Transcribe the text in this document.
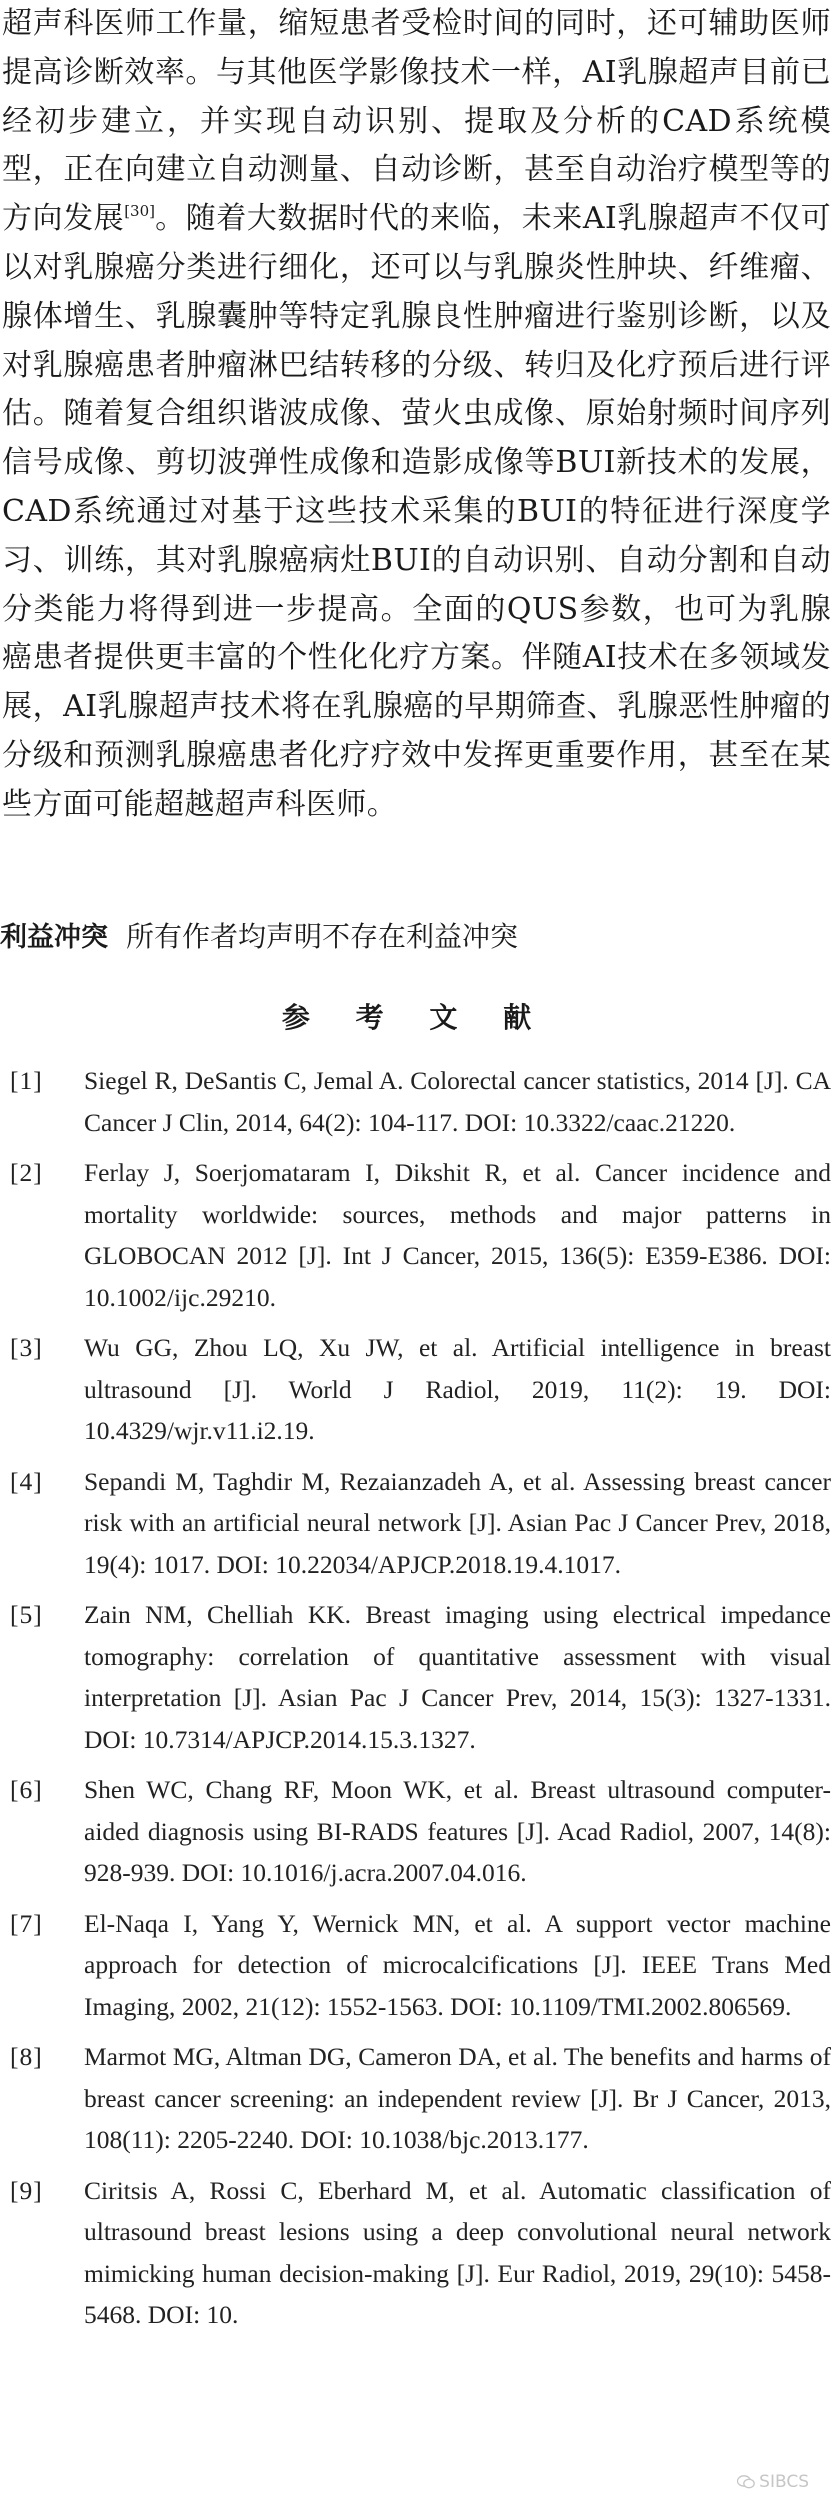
超声科医师工作量，缩短患者受检时间的同时，还可辅助医师提高诊断效率。与其他医学影像技术一样，AI乳腺超声目前已经初步建立，并实现自动识别、提取及分析的CAD系统模型，正在向建立自动测量、自动诊断，甚至自动治疗模型等的方向发展[30]。随着大数据时代的来临，未来AI乳腺超声不仅可以对乳腺癌分类进行细化，还可以与乳腺炎性肿块、纤维瘤、腺体增生、乳腺囊肿等特定乳腺良性肿瘤进行鉴别诊断，以及对乳腺癌患者肿瘤淋巴结转移的分级、转归及化疗预后进行评估。随着复合组织谐波成像、萤火虫成像、原始射频时间序列信号成像、剪切波弹性成像和造影成像等BUI新技术的发展，CAD系统通过对基于这些技术采集的BUI的特征进行深度学习、训练，其对乳腺癌病灶BUI的自动识别、自动分割和自动分类能力将得到进一步提高。全面的QUS参数，也可为乳腺癌患者提供更丰富的个性化化疗方案。伴随AI技术在多领域发展，AI乳腺超声技术将在乳腺癌的早期筛查、乳腺恶性肿瘤的分级和预测乳腺癌患者化疗疗效中发挥更重要作用，甚至在某些方面可能超越超声科医师。
利益冲突 所有作者均声明不存在利益冲突
参 考 文 献
[1] Siegel R, DeSantis C, Jemal A. Colorectal cancer statistics, 2014 [J]. CA Cancer J Clin, 2014, 64(2): 104-117. DOI: 10.3322/caac.21220.
[2] Ferlay J, Soerjomataram I, Dikshit R, et al. Cancer incidence and mortality worldwide: sources, methods and major patterns in GLOBOCAN 2012 [J]. Int J Cancer, 2015, 136(5): E359-E386. DOI: 10.1002/ijc.29210.
[3] Wu GG, Zhou LQ, Xu JW, et al. Artificial intelligence in breast ultrasound [J]. World J Radiol, 2019, 11(2): 19. DOI: 10.4329/wjr.v11.i2.19.
[4] Sepandi M, Taghdir M, Rezaianzadeh A, et al. Assessing breast cancer risk with an artificial neural network [J]. Asian Pac J Cancer Prev, 2018, 19(4): 1017. DOI: 10.22034/APJCP.2018.19.4.1017.
[5] Zain NM, Chelliah KK. Breast imaging using electrical impedance tomography: correlation of quantitative assessment with visual interpretation [J]. Asian Pac J Cancer Prev, 2014, 15(3): 1327-1331. DOI: 10.7314/APJCP.2014.15.3.1327.
[6] Shen WC, Chang RF, Moon WK, et al. Breast ultrasound computer-aided diagnosis using BI-RADS features [J]. Acad Radiol, 2007, 14(8): 928-939. DOI: 10.1016/j.acra.2007.04.016.
[7] El-Naqa I, Yang Y, Wernick MN, et al. A support vector machine approach for detection of microcalcifications [J]. IEEE Trans Med Imaging, 2002, 21(12): 1552-1563. DOI: 10.1109/TMI.2002.806569.
[8] Marmot MG, Altman DG, Cameron DA, et al. The benefits and harms of breast cancer screening: an independent review [J]. Br J Cancer, 2013, 108(11): 2205-2240. DOI: 10.1038/bjc.2013.177.
[9] Ciritsis A, Rossi C, Eberhard M, et al. Automatic classification of ultrasound breast lesions using a deep convolutional neural network mimicking human decision-making [J]. Eur Radiol, 2019, 29(10): 5458-5468. DOI: 10.
SIBCS
